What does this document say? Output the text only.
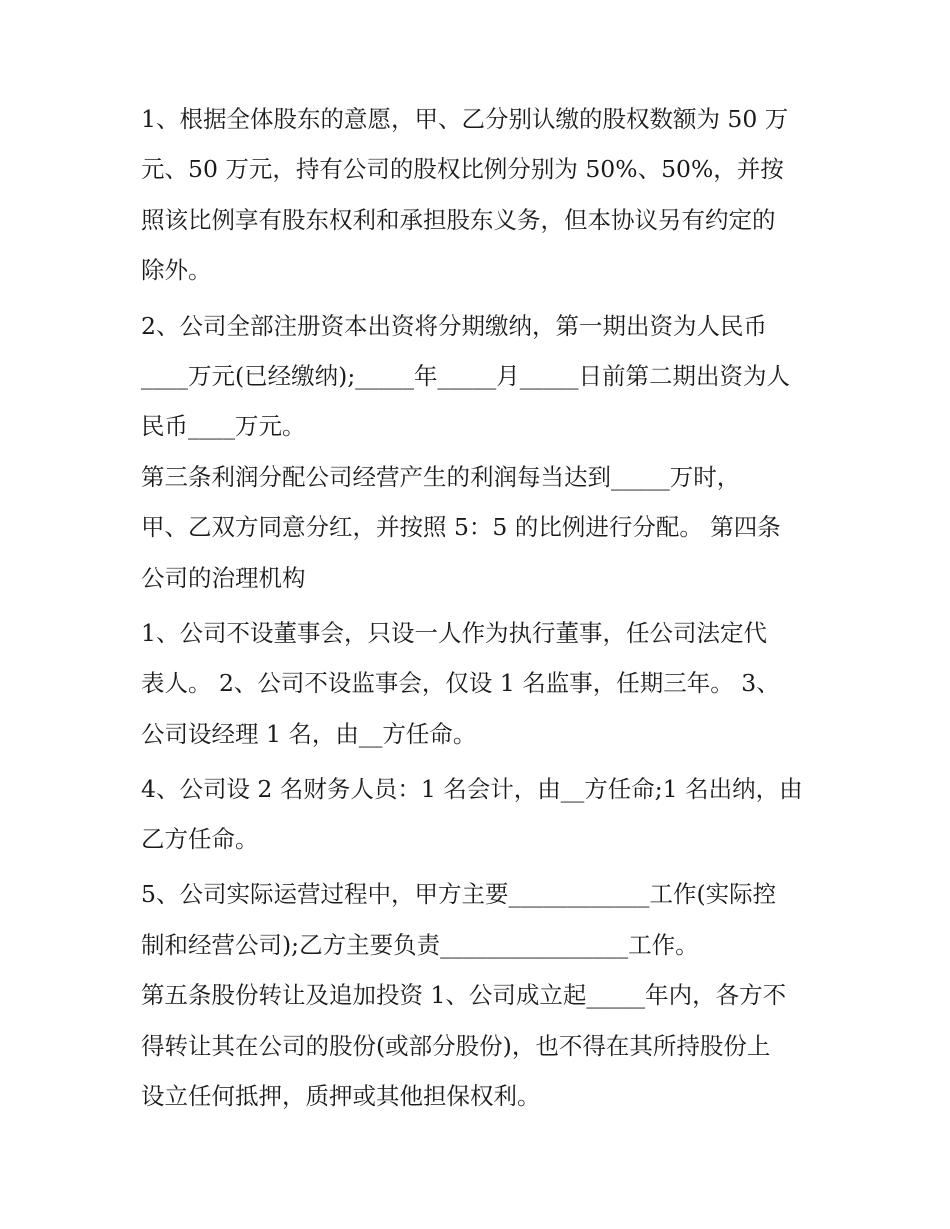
1、根据全体股东的意愿，甲、乙分别认缴的股权数额为 50 万
元、50 万元，持有公司的股权比例分别为 50%、50%，并按
照该比例享有股东权利和承担股东义务，但本协议另有约定的
除外。
2、公司全部注册资本出资将分期缴纳，第一期出资为人民币
____万元(已经缴纳);_____年_____月_____日前第二期出资为人
民币____万元。
第三条利润分配公司经营产生的利润每当达到_____万时，
甲、乙双方同意分红，并按照 5：5 的比例进行分配。 第四条
公司的治理机构
1、公司不设董事会，只设一人作为执行董事，任公司法定代
表人。 2、公司不设监事会，仅设 1 名监事，任期三年。 3、
公司设经理 1 名，由__方任命。
4、公司设 2 名财务人员：1 名会计，由__方任命;1 名出纳，由
乙方任命。
5、公司实际运营过程中，甲方主要____________工作(实际控
制和经营公司);乙方主要负责________________工作。
第五条股份转让及追加投资 1、公司成立起_____年内，各方不
得转让其在公司的股份(或部分股份)，也不得在其所持股份上
设立任何抵押，质押或其他担保权利。
